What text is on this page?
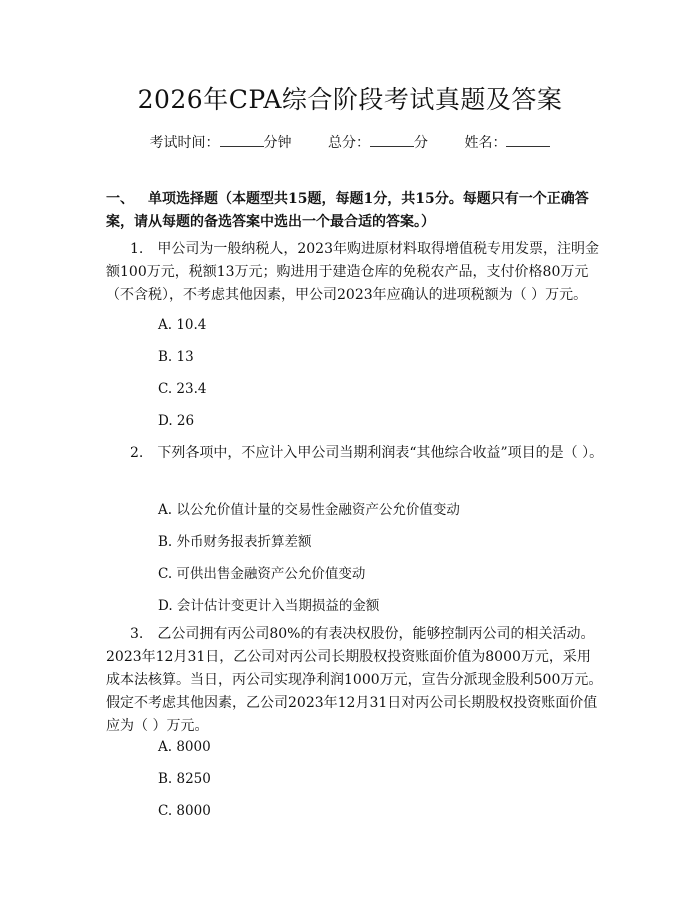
2026年CPA综合阶段考试真题及答案
考试时间：	分钟	总分：	分	姓名：
一、 单项选择题（本题型共15题，每题1分，共15分。每题只有一个正确答案，请从每题的备选答案中选出一个最合适的答案。）
1.　甲公司为一般纳税人，2023年购进原材料取得增值税专用发票，注明金额100万元，税额13万元；购进用于建造仓库的免税农产品，支付价格80万元（不含税），不考虑其他因素，甲公司2023年应确认的进项税额为（ ）万元。
A. 10.4
B. 13
C. 23.4
D. 26
2.　下列各项中，不应计入甲公司当期利润表“其他综合收益”项目的是（ ）。
A. 以公允价值计量的交易性金融资产公允价值变动
B. 外币财务报表折算差额
C. 可供出售金融资产公允价值变动
D. 会计估计变更计入当期损益的金额
3.　乙公司拥有丙公司80%的有表决权股份，能够控制丙公司的相关活动。2023年12月31日，乙公司对丙公司长期股权投资账面价值为8000万元，采用成本法核算。当日，丙公司实现净利润1000万元，宣告分派现金股利500万元。假定不考虑其他因素，乙公司2023年12月31日对丙公司长期股权投资账面价值应为（ ）万元。
A. 8000
B. 8250
C. 8000
